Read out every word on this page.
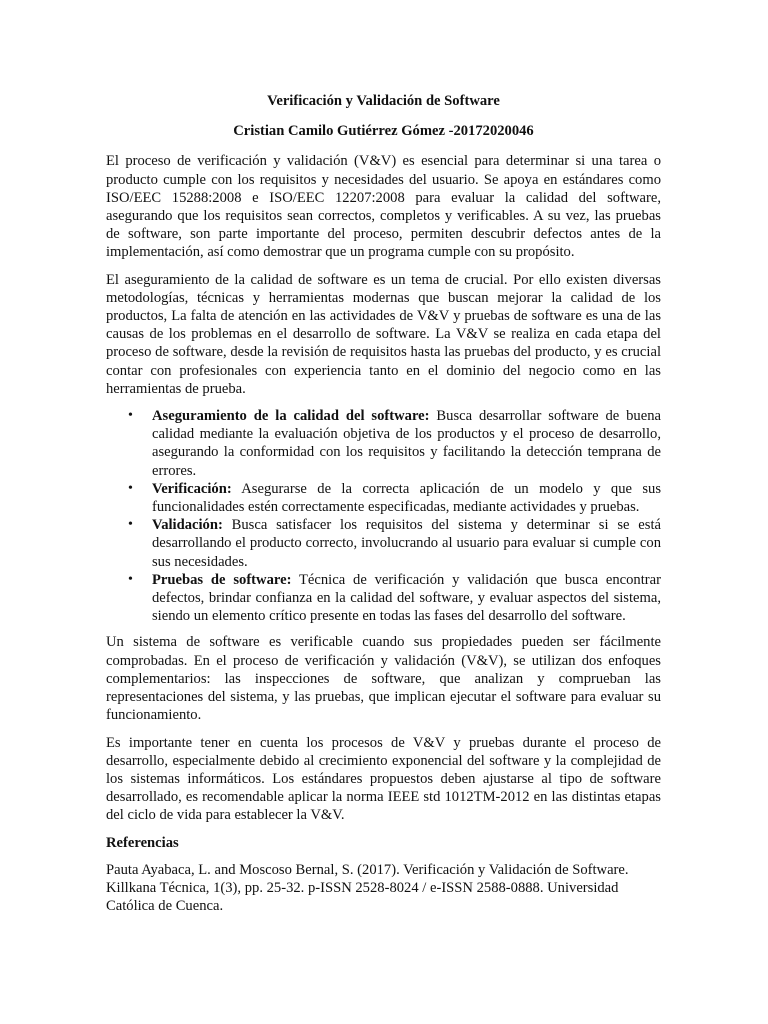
Verificación y Validación de Software
Cristian Camilo Gutiérrez Gómez -20172020046

El proceso de verificación y validación (V&V) es esencial para determinar si una tarea o producto cumple con los requisitos y necesidades del usuario. Se apoya en estándares como ISO/EEC 15288:2008 e ISO/EEC 12207:2008 para evaluar la calidad del software, asegurando que los requisitos sean correctos, completos y verificables. A su vez, las pruebas de software, son parte importante del proceso, permiten descubrir defectos antes de la implementación, así como demostrar que un programa cumple con su propósito.

El aseguramiento de la calidad de software es un tema de crucial. Por ello existen diversas metodologías, técnicas y herramientas modernas que buscan mejorar la calidad de los productos, La falta de atención en las actividades de V&V y pruebas de software es una de las causas de los problemas en el desarrollo de software. La V&V se realiza en cada etapa del proceso de software, desde la revisión de requisitos hasta las pruebas del producto, y es crucial contar con profesionales con experiencia tanto en el dominio del negocio como en las herramientas de prueba.

• Aseguramiento de la calidad del software: Busca desarrollar software de buena calidad mediante la evaluación objetiva de los productos y el proceso de desarrollo, asegurando la conformidad con los requisitos y facilitando la detección temprana de errores.
• Verificación: Asegurarse de la correcta aplicación de un modelo y que sus funcionalidades estén correctamente especificadas, mediante actividades y pruebas.
• Validación: Busca satisfacer los requisitos del sistema y determinar si se está desarrollando el producto correcto, involucrando al usuario para evaluar si cumple con sus necesidades.
• Pruebas de software: Técnica de verificación y validación que busca encontrar defectos, brindar confianza en la calidad del software, y evaluar aspectos del sistema, siendo un elemento crítico presente en todas las fases del desarrollo del software.

Un sistema de software es verificable cuando sus propiedades pueden ser fácilmente comprobadas. En el proceso de verificación y validación (V&V), se utilizan dos enfoques complementarios: las inspecciones de software, que analizan y comprueban las representaciones del sistema, y las pruebas, que implican ejecutar el software para evaluar su funcionamiento.

Es importante tener en cuenta los procesos de V&V y pruebas durante el proceso de desarrollo, especialmente debido al crecimiento exponencial del software y la complejidad de los sistemas informáticos. Los estándares propuestos deben ajustarse al tipo de software desarrollado, es recomendable aplicar la norma IEEE std 1012TM-2012 en las distintas etapas del ciclo de vida para establecer la V&V.

Referencias

Pauta Ayabaca, L. and Moscoso Bernal, S. (2017). Verificación y Validación de Software. Killkana Técnica, 1(3), pp. 25-32. p-ISSN 2528-8024 / e-ISSN 2588-0888. Universidad Católica de Cuenca.
